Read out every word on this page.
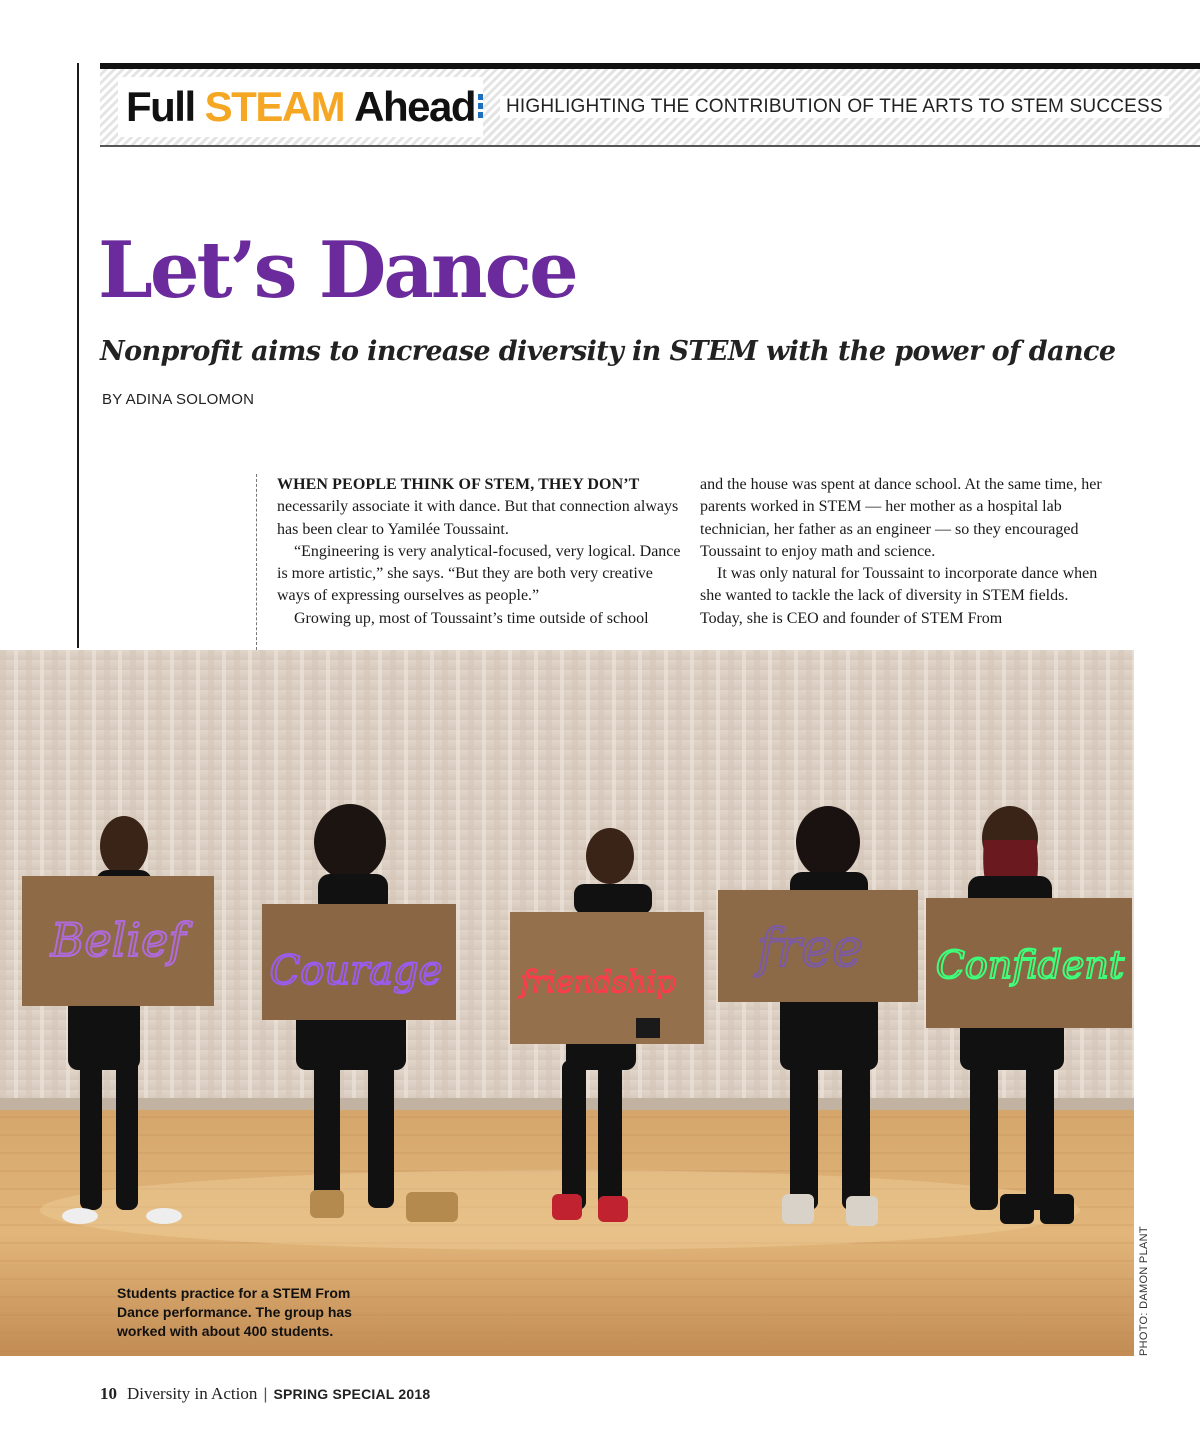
Full STEAM Ahead	HIGHLIGHTING THE CONTRIBUTION OF THE ARTS TO STEM SUCCESS
Let’s Dance
Nonprofit aims to increase diversity in STEM with the power of dance
BY ADINA SOLOMON

WHEN PEOPLE THINK OF STEM, THEY DON’T necessarily associate it with dance. But that connection always has been clear to Yamilée Toussaint.

“Engineering is very analytical-focused, very logical. Dance is more artistic,” she says. “But they are both very creative ways of expressing ourselves as people.”

Growing up, most of Toussaint’s time outside of school

and the house was spent at dance school. At the same time, her parents worked in STEM — her mother as a hospital lab technician, her father as an engineer — so they encouraged Toussaint to enjoy math and science.

It was only natural for Toussaint to incorporate dance when she wanted to tackle the lack of diversity in STEM fields. Today, she is CEO and founder of STEM From

Belief
Courage	friendship
free Confident
Students practice for a STEM From Dance performance. The group has worked with about 400 students.	PHOTO: DAMON PLANT
10 Diversity in Action | SPRING SPECIAL 2018
